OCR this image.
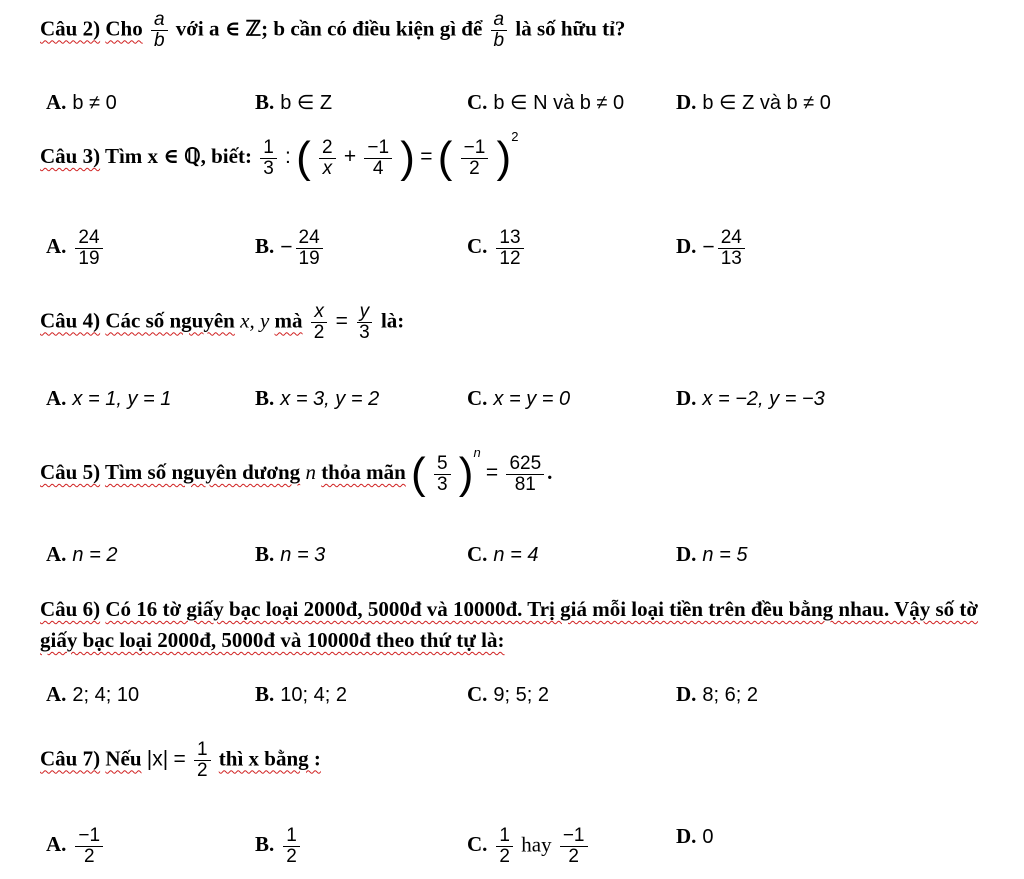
Câu 2) Cho $\frac{a}{b}$ với a ∈ ℤ; b cần có điều kiện gì để $\frac{a}{b}$ là số hữu tỉ?
A. b ≠ 0	B. b ∈ Z	C. b ∈ N và b ≠ 0 D. b ∈ Z và b ≠ 0
Câu 3) Tìm x ∈ ℚ, biết: $\frac{1}{3}$ : ( $\frac{2}{x} + \frac{-1}{4}$ ) = ( $\frac{-1}{2} )^2$
A. $\frac{24}{19}$	B. − $\frac{24}{19}$	C. $\frac{13}{12}$	D. − $\frac{24}{13}$
Câu 4) Các số nguyên x, y mà $\frac{x}{2} = \frac{y}{3}$ là:
A. x = 1, y = 1	B. x = 3, y = 2	C. x = y = 0	D. x = −2, y = −3
Câu 5) Tìm số nguyên dương n thỏa mãn ( $\frac{5}{3} )^n = \frac{625}{81}$ .
A. n = 2	B. n = 3	C. n = 4	D. n = 5
Câu 6) Có 16 tờ giấy bạc loại 2000đ, 5000đ và 10000đ. Trị giá mỗi loại tiền trên đều bằng nhau. Vậy số tờ giấy bạc loại 2000đ, 5000đ và 10000đ theo thứ tự là:
A. 2; 4; 10	B. 10; 4; 2	C. 9; 5; 2	D. 8; 6; 2
Câu 7) Nếu $|x| = \frac{1}{2}$ thì x bằng :
A. $\frac{-1}{2}$	B. $\frac{1}{2}$	C. $\frac{1}{2}$ hay $\frac{-1}{2}$	D. 0
